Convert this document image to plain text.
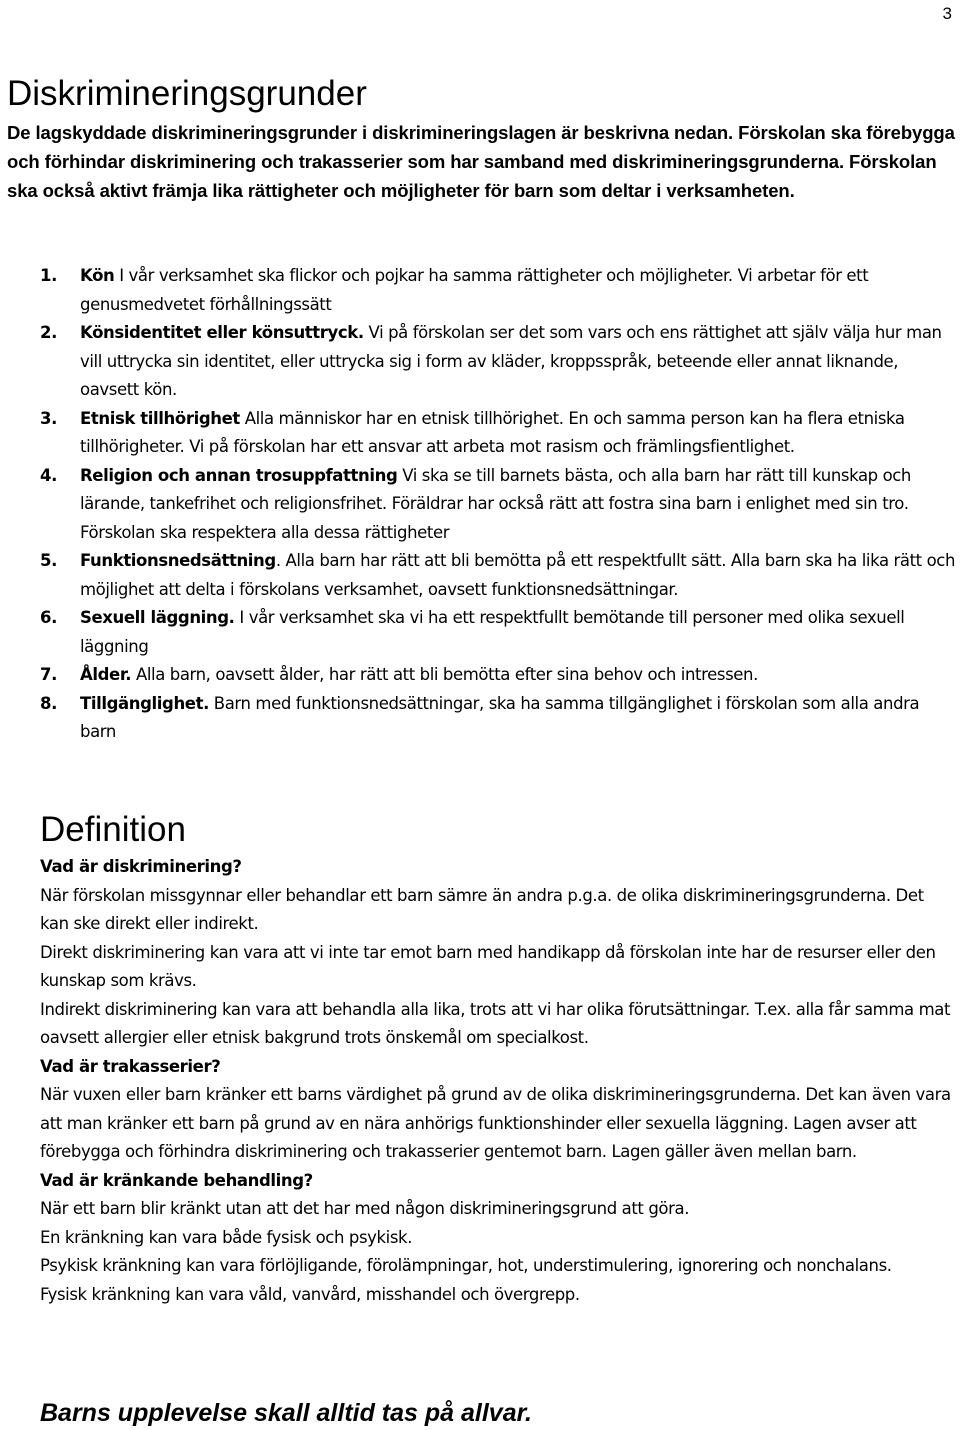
3
Diskrimineringsgrunder

De lagskyddade diskrimineringsgrunder i diskrimineringslagen är beskrivna nedan. Förskolan ska förebygga och förhindar diskriminering och trakasserier som har samband med diskrimineringsgrunderna. Förskolan ska också aktivt främja lika rättigheter och möjligheter för barn som deltar i verksamheten.

1. Kön I vår verksamhet ska flickor och pojkar ha samma rättigheter och möjligheter. Vi arbetar för ett genusmedvetet förhållningssätt
2. Könsidentitet eller könsuttryck. Vi på förskolan ser det som vars och ens rättighet att själv välja hur man vill uttrycka sin identitet, eller uttrycka sig i form av kläder, kroppsspråk, beteende eller annat liknande, oavsett kön.
3. Etnisk tillhörighet Alla människor har en etnisk tillhörighet. En och samma person kan ha flera etniska tillhörigheter. Vi på förskolan har ett ansvar att arbeta mot rasism och främlingsfientlighet.
4. Religion och annan trosuppfattning Vi ska se till barnets bästa, och alla barn har rätt till kunskap och lärande, tankefrihet och religionsfrihet. Föräldrar har också rätt att fostra sina barn i enlighet med sin tro. Förskolan ska respektera alla dessa rättigheter
5. Funktionsnedsättning. Alla barn har rätt att bli bemötta på ett respektfullt sätt. Alla barn ska ha lika rätt och möjlighet att delta i förskolans verksamhet, oavsett funktionsnedsättningar.
6. Sexuell läggning. I vår verksamhet ska vi ha ett respektfullt bemötande till personer med olika sexuell läggning
7. Ålder. Alla barn, oavsett ålder, har rätt att bli bemötta efter sina behov och intressen.
8. Tillgänglighet. Barn med funktionsnedsättningar, ska ha samma tillgänglighet i förskolan som alla andra barn
Definition

Vad är diskriminering?

När förskolan missgynnar eller behandlar ett barn sämre än andra p.g.a. de olika diskrimineringsgrunderna. Det kan ske direkt eller indirekt.

Direkt diskriminering kan vara att vi inte tar emot barn med handikapp då förskolan inte har de resurser eller den kunskap som krävs.

Indirekt diskriminering kan vara att behandla alla lika, trots att vi har olika förutsättningar. T.ex. alla får samma mat oavsett allergier eller etnisk bakgrund trots önskemål om specialkost.

Vad är trakasserier?

När vuxen eller barn kränker ett barns värdighet på grund av de olika diskrimineringsgrunderna. Det kan även vara att man kränker ett barn på grund av en nära anhörigs funktionshinder eller sexuella läggning. Lagen avser att förebygga och förhindra diskriminering och trakasserier gentemot barn. Lagen gäller även mellan barn.

Vad är kränkande behandling?

När ett barn blir kränkt utan att det har med någon diskrimineringsgrund att göra.

En kränkning kan vara både fysisk och psykisk.

Psykisk kränkning kan vara förlöjligande, förolämpningar, hot, understimulering, ignorering och nonchalans.

Fysisk kränkning kan vara våld, vanvård, misshandel och övergrepp.

Barns upplevelse skall alltid tas på allvar.
